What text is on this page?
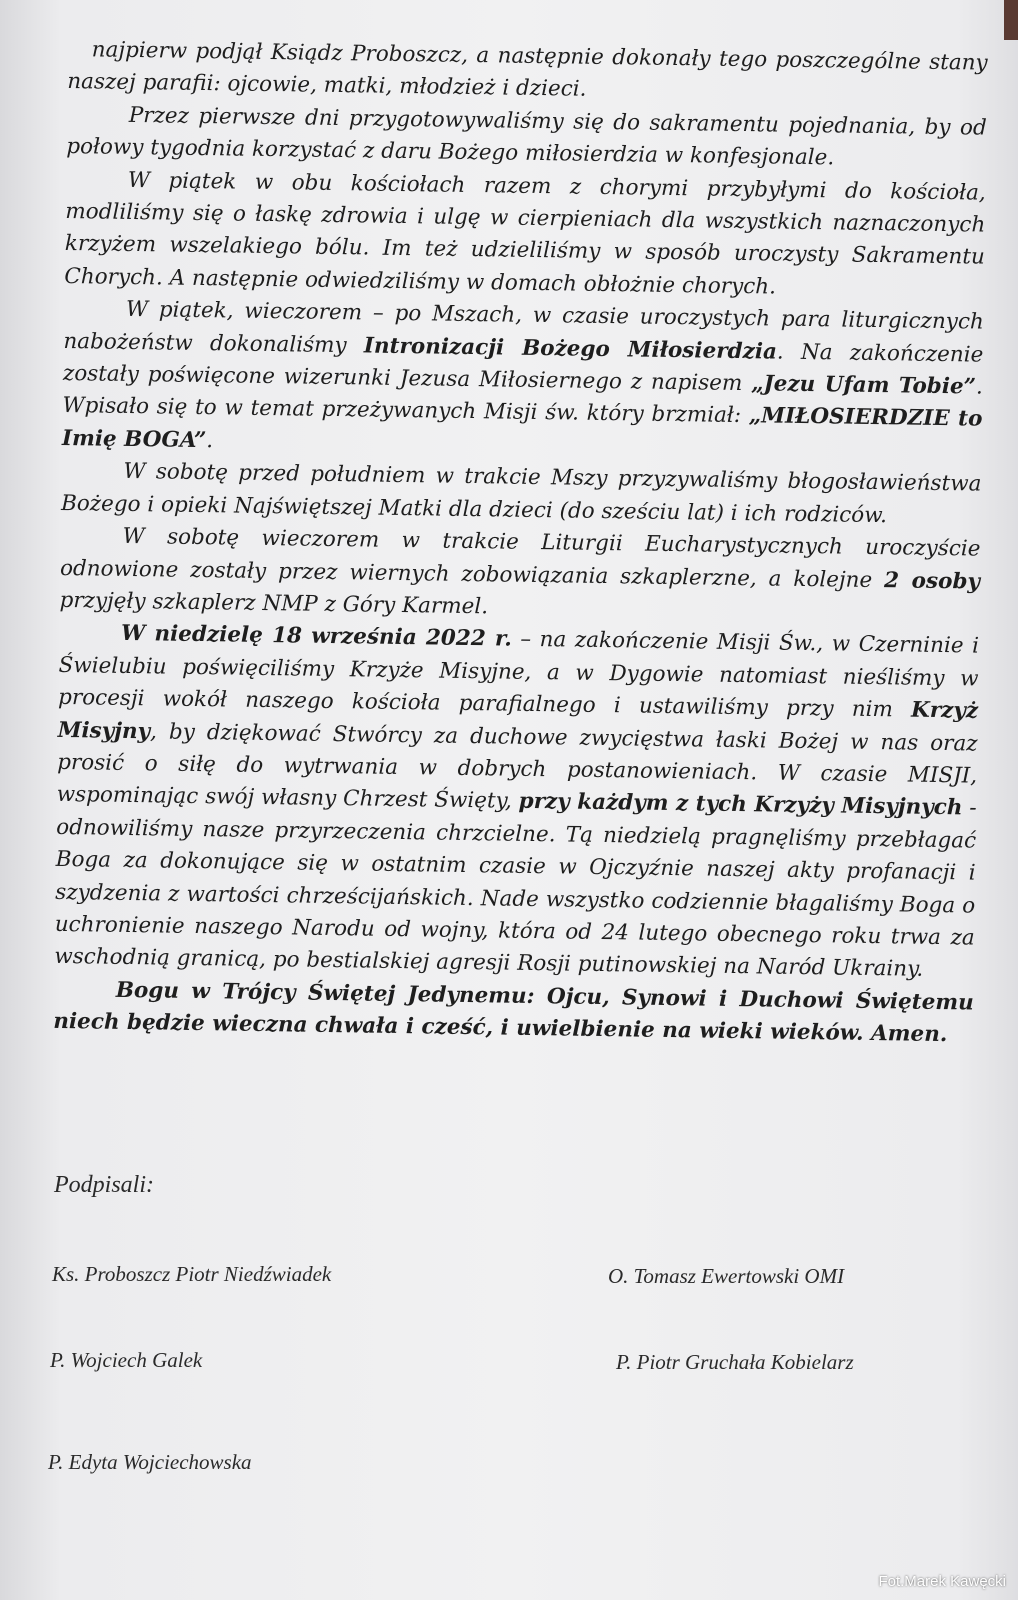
najpierw podjął Ksiądz Proboszcz, a następnie dokonały tego poszczególne stany naszej parafii: ojcowie, matki, młodzież i dzieci.

Przez pierwsze dni przygotowywaliśmy się do sakramentu pojednania, by od połowy tygodnia korzystać z daru Bożego miłosierdzia w konfesjonale.

W piątek w obu kościołach razem z chorymi przybyłymi do kościoła, modliliśmy się o łaskę zdrowia i ulgę w cierpieniach dla wszystkich naznaczonych krzyżem wszelakiego bólu. Im też udzieliliśmy w sposób uroczysty Sakramentu Chorych. A następnie odwiedziliśmy w domach obłożnie chorych.

W piątek, wieczorem – po Mszach, w czasie uroczystych para liturgicznych nabożeństw dokonaliśmy Intronizacji Bożego Miłosierdzia. Na zakończenie zostały poświęcone wizerunki Jezusa Miłosiernego z napisem „Jezu Ufam Tobie”. Wpisało się to w temat przeżywanych Misji św. który brzmiał: „MIŁOSIERDZIE to Imię BOGA”.

W sobotę przed południem w trakcie Mszy przyzywaliśmy błogosławieństwa Bożego i opieki Najświętszej Matki dla dzieci (do sześciu lat) i ich rodziców.

W sobotę wieczorem w trakcie Liturgii Eucharystycznych uroczyście odnowione zostały przez wiernych zobowiązania szkaplerzne, a kolejne 2 osoby przyjęły szkaplerz NMP z Góry Karmel.

W niedzielę 18 września 2022 r. – na zakończenie Misji Św., w Czerninie i Świelubiu poświęciliśmy Krzyże Misyjne, a w Dygowie natomiast nieśliśmy w procesji wokół naszego kościoła parafialnego i ustawiliśmy przy nim Krzyż Misyjny, by dziękować Stwórcy za duchowe zwycięstwa łaski Bożej w nas oraz prosić o siłę do wytrwania w dobrych postanowieniach. W czasie MISJI, wspominając swój własny Chrzest Święty, przy każdym z tych Krzyży Misyjnych - odnowiliśmy nasze przyrzeczenia chrzcielne. Tą niedzielą pragnęliśmy przebłagać Boga za dokonujące się w ostatnim czasie w Ojczyźnie naszej akty profanacji i szydzenia z wartości chrześcijańskich. Nade wszystko codziennie błagaliśmy Boga o uchronienie naszego Narodu od wojny, która od 24 lutego obecnego roku trwa za wschodnią granicą, po bestialskiej agresji Rosji putinowskiej na Naród Ukrainy.

Bogu w Trójcy Świętej Jedynemu: Ojcu, Synowi i Duchowi Świętemu niech będzie wieczna chwała i cześć, i uwielbienie na wieki wieków. Amen.

Podpisali:
Ks. Proboszcz Piotr Niedźwiadek	O. Tomasz Ewertowski OMI
P. Wojciech Galek	P. Piotr Gruchała Kobielarz
P. Edyta Wojciechowska
Fot.Marek Kawęcki
